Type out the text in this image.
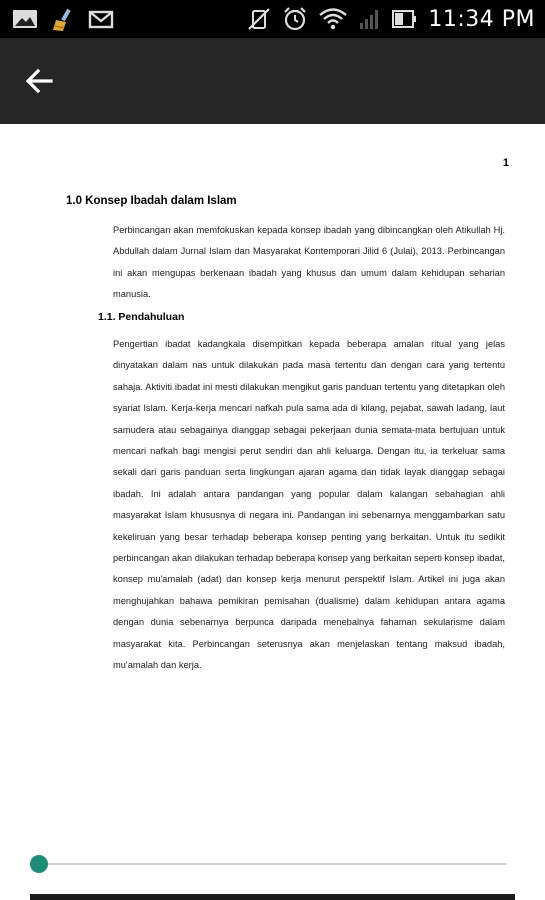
11:34 PM
1
1.0 Konsep Ibadah dalam Islam

Perbincangan akan memfokuskan kepada konsep ibadah yang dibincangkan oleh Atikullah Hj. Abdullah dalam Jurnal Islam dan Masyarakat Kontemporari Jilid 6 (Julai), 2013. Perbincangan ini akan mengupas berkenaan ibadah yang khusus dan umum dalam kehidupan seharian manusia.

1.1. Pendahuluan

Pengertian ibadat kadangkala disempitkan kepada beberapa amalan ritual yang jelas dinyatakan dalam nas untuk dilakukan pada masa tertentu dan dengan cara yang tertentu sahaja. Aktiviti ibadat ini mesti dilakukan mengikut garis panduan tertentu yang ditetapkan oleh syariat Islam. Kerja-kerja mencari nafkah pula sama ada di kilang, pejabat, sawah ladang, laut samudera atau sebagainya dianggap sebagai pekerjaan dunia semata-mata bertujuan untuk mencari nafkah bagi mengisi perut sendiri dan ahli keluarga. Dengan itu, ia terkeluar sama sekali dari garis panduan serta lingkungan ajaran agama dan tidak layak dianggap sebagai ibadah. Ini adalah antara pandangan yang popular dalam kalangan sebahagian ahli masyarakat Islam khususnya di negara ini. Pandangan ini sebenarnya menggambarkan satu kekeliruan yang besar terhadap beberapa konsep penting yang berkaitan. Untuk itu sedikit perbincangan akan dilakukan terhadap beberapa konsep yang berkaitan seperti konsep ibadat, konsep mu'amalah (adat) dan konsep kerja menurut perspektif Islam. Artikel ini juga akan menghujahkan bahawa pemikiran pemisahan (dualisme) dalam kehidupan antara agama dengan dunia sebenarnya berpunca daripada menebalnya fahaman sekularisme dalam masyarakat kita. Perbincangan seterusnya akan menjelaskan tentang maksud ibadah, mu'amalah dan kerja.
